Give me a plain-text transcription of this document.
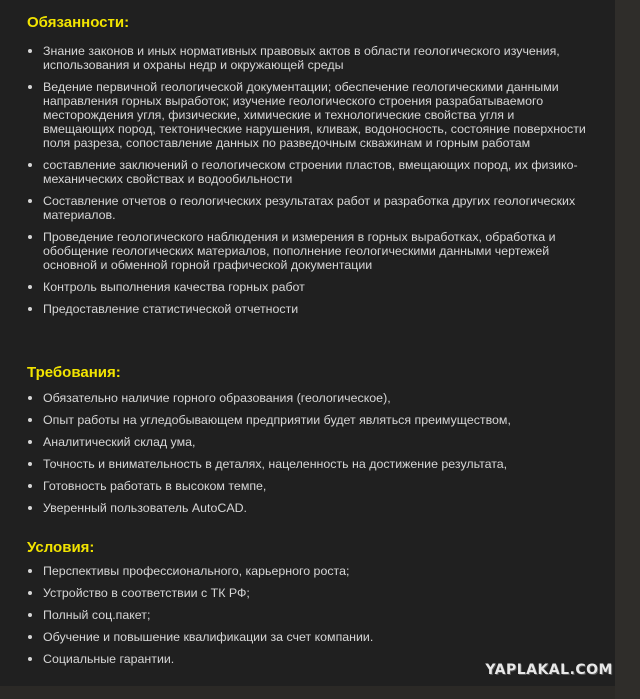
Обязанности:
Знание законов и иных нормативных правовых актов в области геологического изучения, использования и охраны недр и окружающей среды
Ведение первичной геологической документации; обеспечение геологическими данными направления горных выработок; изучение геологического строения разрабатываемого месторождения угля, физические, химические и технологические свойства угля и вмещающих пород, тектонические нарушения, кливаж, водоносность, состояние поверхности поля разреза, сопоставление данных по разведочным скважинам и горным работам
составление заключений о геологическом строении пластов, вмещающих пород, их физико-механических свойствах и водообильности
Составление отчетов о геологических результатах работ и разработка других геологических материалов.
Проведение геологического наблюдения и измерения в горных выработках, обработка и обобщение геологических материалов, пополнение геологическими данными чертежей основной и обменной горной графической документации
Контроль выполнения качества горных работ
Предоставление статистической отчетности
Требования:
Обязательно наличие горного образования (геологическое),
Опыт работы на угледобывающем предприятии будет являться преимуществом,
Аналитический склад ума,
Точность и внимательность в деталях, нацеленность на достижение результата,
Готовность работать в высоком темпе,
Уверенный пользователь AutoCAD.
Условия:
Перспективы профессионального, карьерного роста;
Устройство в соответствии с ТК РФ;
Полный соц.пакет;
Обучение и повышение квалификации за счет компании.
Социальные гарантии.
YAPLAKAL.COM
